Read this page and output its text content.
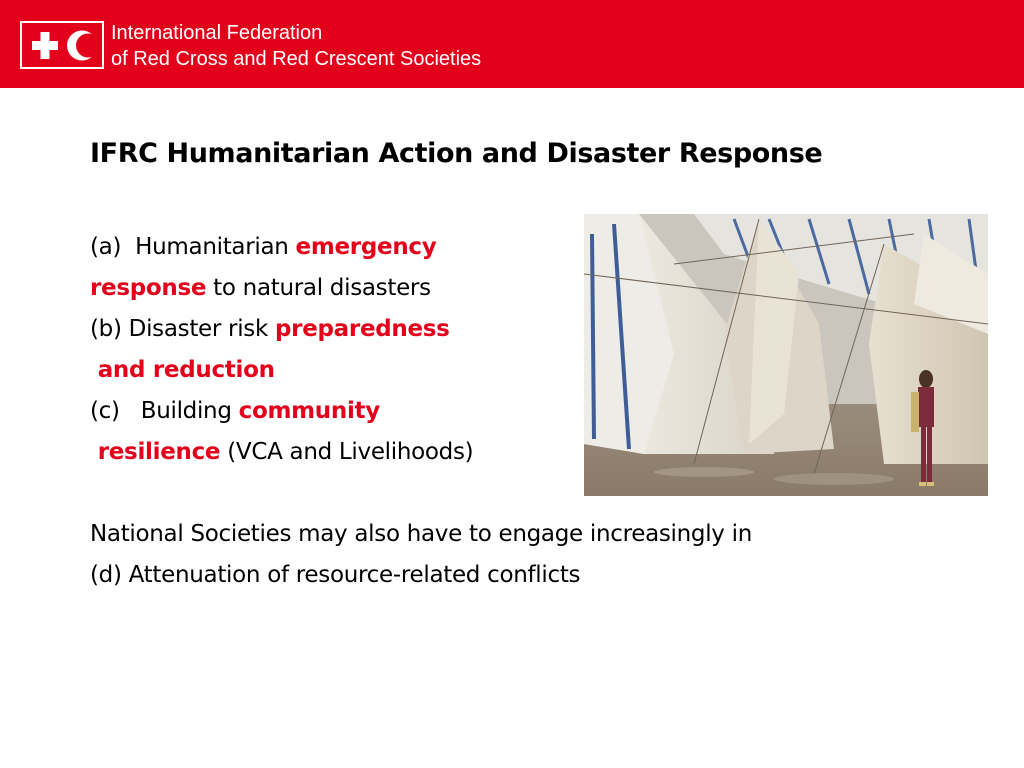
International Federation
of Red Cross and Red Crescent Societies
IFRC Humanitarian Action and Disaster Response
(a)  Humanitarian emergency
response to natural disasters
(b) Disaster risk preparedness
and reduction
(c)   Building community
resilience (VCA and Livelihoods)
National Societies may also have to engage increasingly in
(d) Attenuation of resource-related conflicts
